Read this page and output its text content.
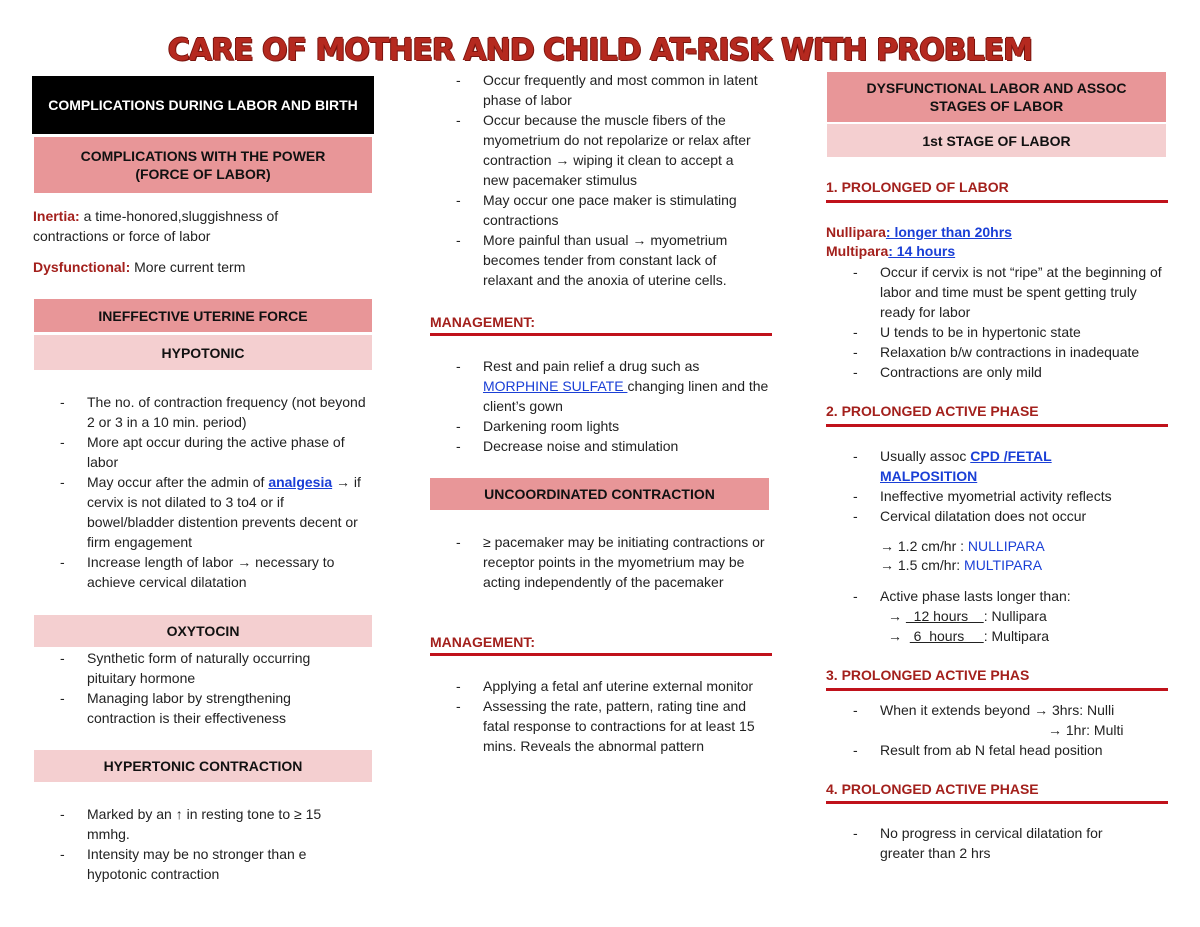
CARE OF MOTHER AND CHILD AT-RISK WITH PROBLEM
COMPLICATIONS DURING LABOR AND BIRTH
COMPLICATIONS WITH THE POWER (FORCE OF LABOR)
Inertia: a time-honored,sluggishness of contractions or force of labor
Dysfunctional: More current term
INEFFECTIVE UTERINE FORCE
HYPOTONIC
- The no. of contraction frequency (not beyond 2 or 3 in a 10 min. period)
- More apt occur during the active phase of labor
- May occur after the admin of analgesia → if cervix is not dilated to 3 to4 or if bowel/bladder distention prevents decent or firm engagement
- Increase length of labor → necessary to achieve cervical dilatation
OXYTOCIN
- Synthetic form of naturally occurring pituitary hormone
- Managing labor by strengthening contraction is their effectiveness
HYPERTONIC CONTRACTION
- Marked by an ↑ in resting tone to ≥ 15 mmhg.
- Intensity may be no stronger than e hypotonic contraction
- Occur frequently and most common in latent phase of labor
- Occur because the muscle fibers of the myometrium do not repolarize or relax after contraction → wiping it clean to accept a new pacemaker stimulus
- May occur one pace maker is stimulating contractions
- More painful than usual → myometrium becomes tender from constant lack of relaxant and the anoxia of uterine cells.
MANAGEMENT:
- Rest and pain relief a drug such as MORPHINE SULFATE changing linen and the client’s gown
- Darkening room lights
- Decrease noise and stimulation
UNCOORDINATED CONTRACTION
- ≥ pacemaker may be initiating contractions or receptor points in the myometrium may be acting independently of the pacemaker
MANAGEMENT:
- Applying a fetal anf uterine external monitor
- Assessing the rate, pattern, rating tine and fatal response to contractions for at least 15 mins. Reveals the abnormal pattern
DYSFUNCTIONAL LABOR AND ASSOC STAGES OF LABOR
1st STAGE OF LABOR
1. PROLONGED OF LABOR
Nullipara: longer than 20hrs
Multipara: 14 hours
- Occur if cervix is not “ripe” at the beginning of labor and time must be spent getting truly ready for labor
- U tends to be in hypertonic state
- Relaxation b/w contractions in inadequate
- Contractions are only mild
2. PROLONGED ACTIVE PHASE
- Usually assoc CPD /FETAL MALPOSITION
- Ineffective myometrial activity reflects
- Cervical dilatation does not occur
→ 1.2 cm/hr : NULLIPARA
→ 1.5 cm/hr: MULTIPARA
- Active phase lasts longer than:
→   12 hours    : Nullipara
→   6  hours     : Multipara
3. PROLONGED ACTIVE PHAS
- When it extends beyond → 3hrs: Nulli
→ 1hr: Multi
- Result from ab N fetal head position
4. PROLONGED ACTIVE PHASE
- No progress in cervical dilatation for greater than 2 hrs
